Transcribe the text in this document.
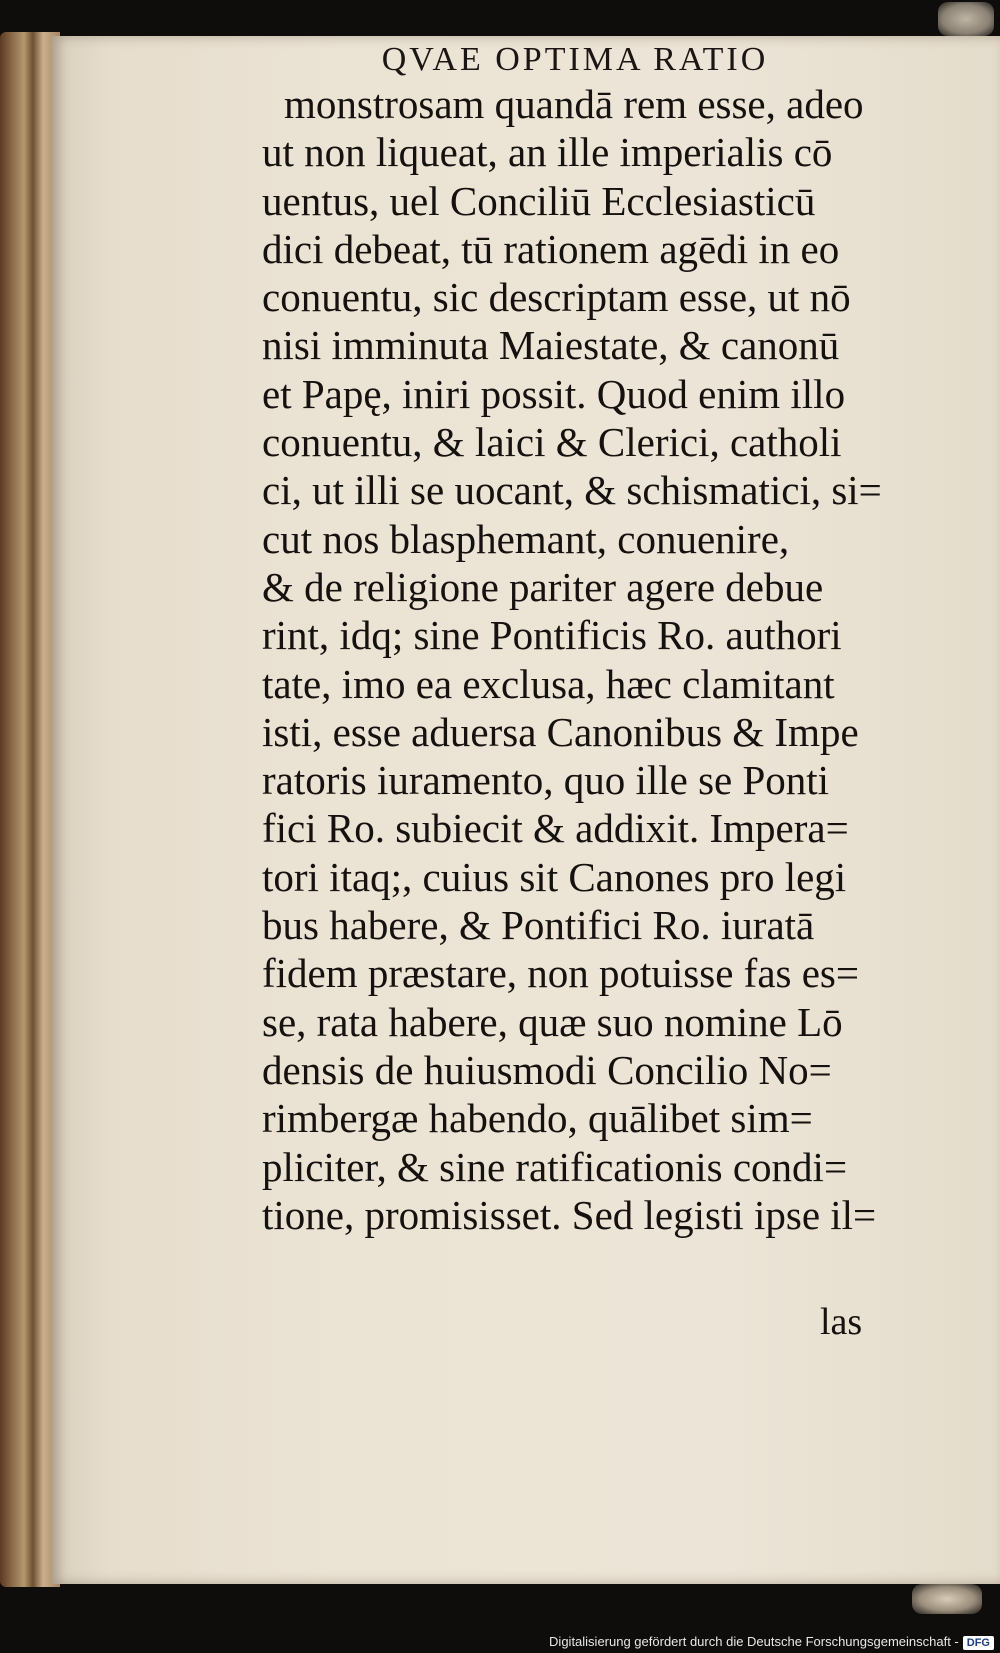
QVAE OPTIMA RATIO

monstrosam quandā rem esse, adeo
ut non liqueat, an ille imperialis cō
uentus, uel Conciliū Ecclesiasticū
dici debeat, tū rationem agēdi in eo
conuentu, sic descriptam esse, ut nō
nisi imminuta Maiestate, & canonū
et Papę, iniri possit. Quod enim illo
conuentu, & laici & Clerici, catholi
ci, ut illi se uocant, & schismatici, si=
cut nos blasphemant, conuenire,
& de religione pariter agere debue
rint, idq; sine Pontificis Ro. authori
tate, imo ea exclusa, hæc clamitant
isti, esse aduersa Canonibus & Impe
ratoris iuramento, quo ille se Ponti
fici Ro. subiecit & addixit. Impera=
tori itaq;, cuius sit Canones pro legi
bus habere, & Pontifici Ro. iuratā
fidem præstare, non potuisse fas es=
se, rata habere, quæ suo nomine Lō
densis de huiusmodi Concilio No=
rimbergæ habendo, quālibet sim=
pliciter, & sine ratificationis condi=
tione, promisisset. Sed legisti ipse il=

las

Digitalisierung gefördert durch die Deutsche Forschungsgemeinschaft - DFG
